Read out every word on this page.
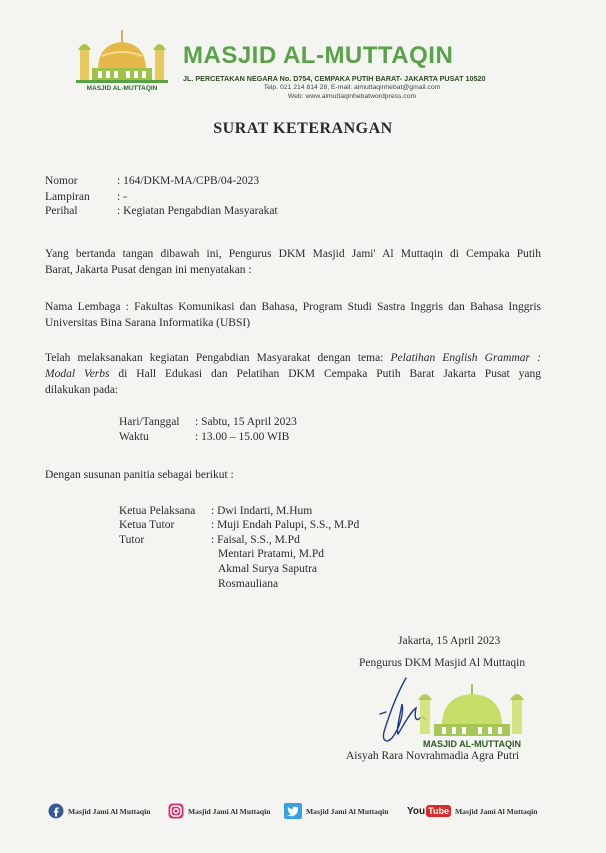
MASJID AL-MUTTAQIN
MASJID AL-MUTTAQIN
JL. PERCETAKAN NEGARA No. D754, CEMPAKA PUTIH BARAT- JAKARTA PUSAT 10520
Telp. 021 214 814 28, E-mail: almuttaqinhebat@gmail.com
Web: www.almuttaqinhebatwordpress.com
SURAT KETERANGAN
Nomor	: 164/DKM-MA/CPB/04-2023
Lampiran : -
Perihal	: Kegiatan Pengabdian Masyarakat
Yang bertanda tangan dibawah ini, Pengurus DKM Masjid Jami' Al Muttaqin di Cempaka Putih
Barat, Jakarta Pusat dengan ini menyatakan :
Nama Lembaga : Fakultas Komunikasi dan Bahasa, Program Studi Sastra Inggris dan Bahasa Inggris
Universitas Bina Sarana Informatika (UBSI)
Telah melaksanakan kegiatan Pengabdian Masyarakat dengan tema: Pelatihan English Grammar :
Modal Verbs di Hall Edukasi dan Pelatihan DKM Cempaka Putih Barat Jakarta Pusat yang
dilakukan pada:
Hari/Tanggal : Sabtu, 15 April 2023
Waktu	: 13.00 – 15.00 WIB
Dengan susunan panitia sebagai berikut :
Ketua Pelaksana : Dwi Indarti, M.Hum
Ketua Tutor	: Muji Endah Palupi, S.S., M.Pd
Tutor	: Faisal, S.S., M.Pd
Mentari Pratami, M.Pd
Akmal Surya Saputra
Rosmauliana
Jakarta, 15 April 2023
Pengurus DKM Masjid Al Muttaqin
MASJID AL-MUTTAQIN
Aisyah Rara Novrahmadia Agra Putri
Masjid Jami Al Muttaqin	Masjid Jami Al Muttaqin	Masjid Jami Al Muttaqin You Tube Masjid Jami Al Muttaqin
